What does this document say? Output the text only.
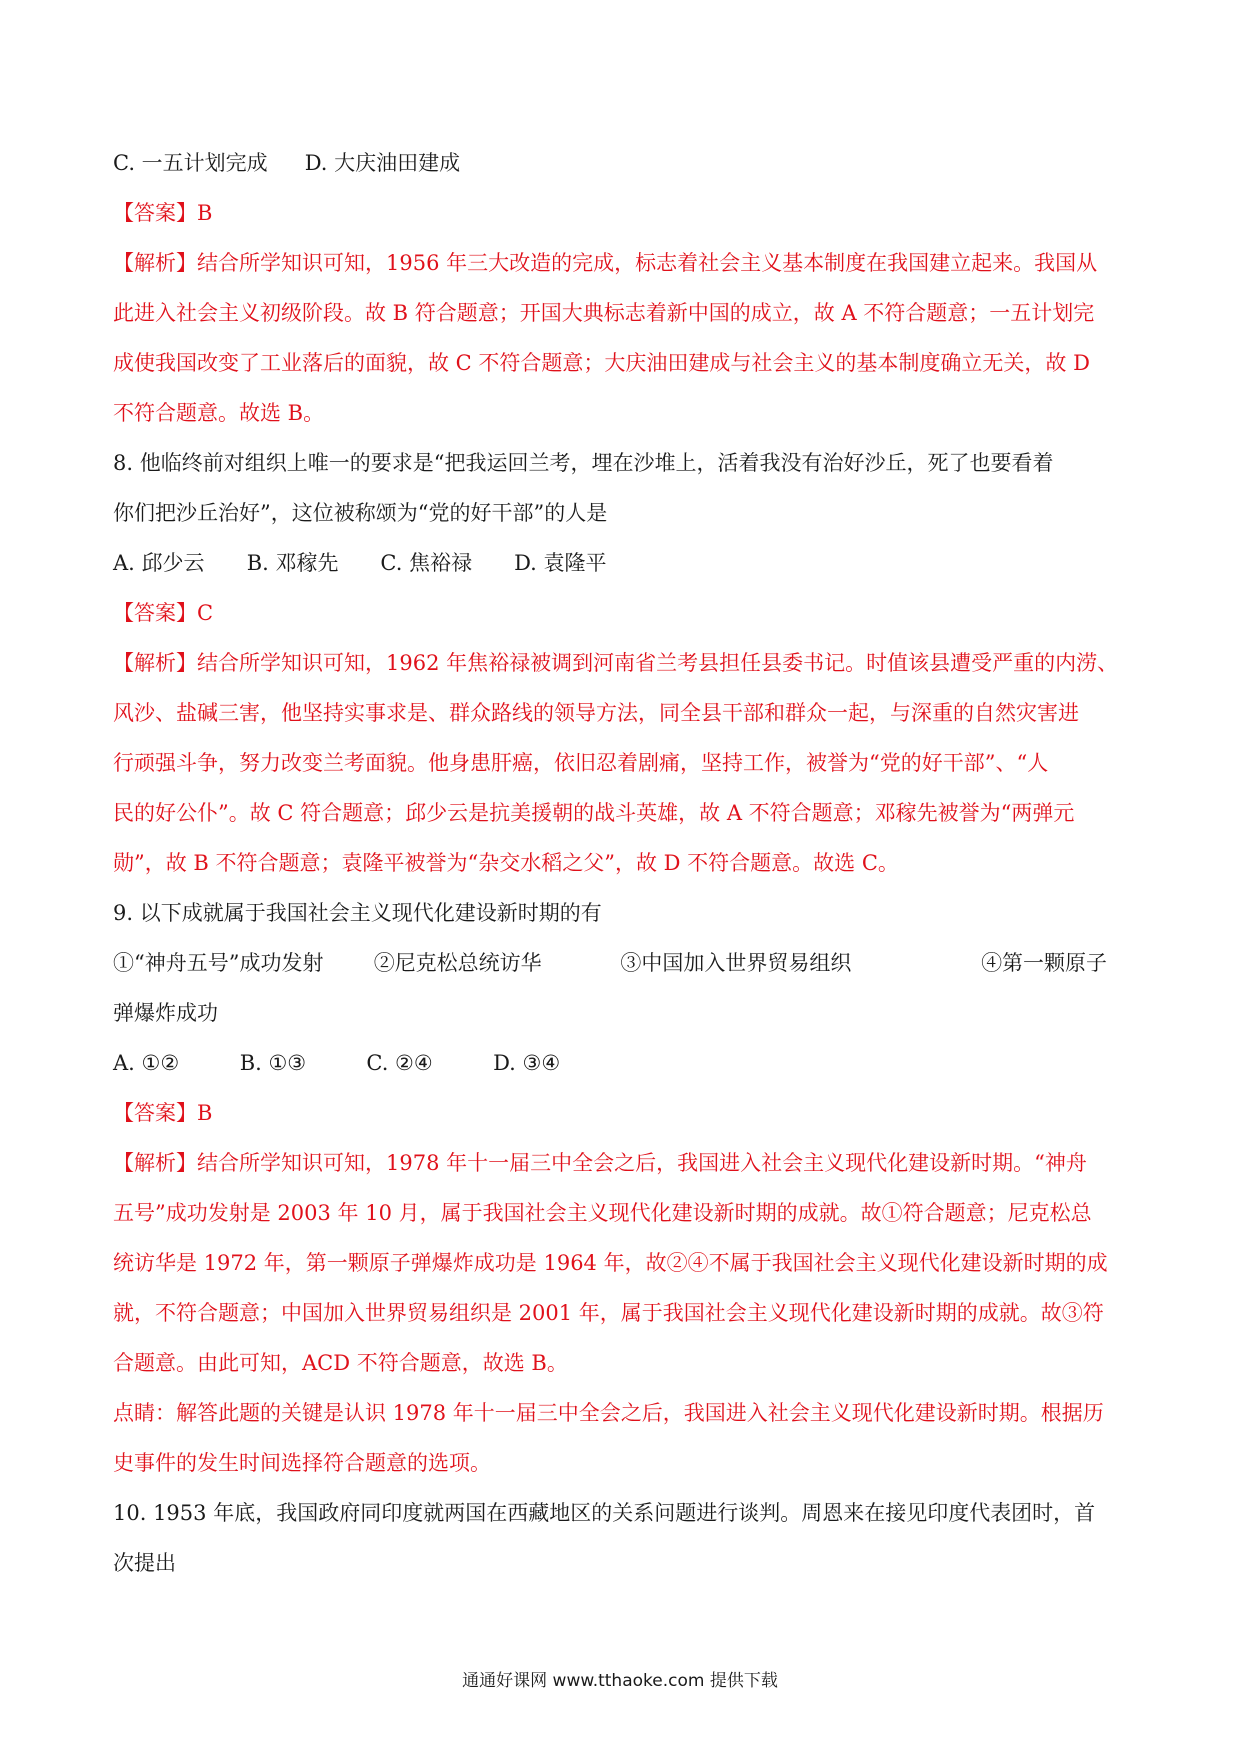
C. 一五计划完成 D. 大庆油田建成

【答案】B

【解析】结合所学知识可知，1956 年三大改造的完成，标志着社会主义基本制度在我国建立起来。我国从

此进入社会主义初级阶段。故 B 符合题意；开国大典标志着新中国的成立，故 A 不符合题意；一五计划完

成使我国改变了工业落后的面貌，故 C 不符合题意；大庆油田建成与社会主义的基本制度确立无关，故 D

不符合题意。故选 B。

8. 他临终前对组织上唯一的要求是“把我运回兰考，埋在沙堆上，活着我没有治好沙丘，死了也要看着

你们把沙丘治好”，这位被称颂为“党的好干部”的人是

A. 邱少云 B. 邓稼先 C. 焦裕禄 D. 袁隆平

【答案】C

【解析】结合所学知识可知，1962 年焦裕禄被调到河南省兰考县担任县委书记。时值该县遭受严重的内涝、

风沙、盐碱三害，他坚持实事求是、群众路线的领导方法，同全县干部和群众一起，与深重的自然灾害进

行顽强斗争，努力改变兰考面貌。他身患肝癌，依旧忍着剧痛，坚持工作，被誉为“党的好干部”、“人

民的好公仆”。故 C 符合题意；邱少云是抗美援朝的战斗英雄，故 A 不符合题意；邓稼先被誉为“两弹元

勋”，故 B 不符合题意；袁隆平被誉为“杂交水稻之父”，故 D 不符合题意。故选 C。

9. 以下成就属于我国社会主义现代化建设新时期的有

①“神舟五号”成功发射 ②尼克松总统访华	③中国加入世界贸易组织	④第一颗原子

弹爆炸成功

A. ①②	B. ①③	C. ②④	D. ③④

【答案】B

【解析】结合所学知识可知，1978 年十一届三中全会之后，我国进入社会主义现代化建设新时期。“神舟

五号”成功发射是 2003 年 10 月，属于我国社会主义现代化建设新时期的成就。故①符合题意；尼克松总

统访华是 1972 年，第一颗原子弹爆炸成功是 1964 年，故②④不属于我国社会主义现代化建设新时期的成

就，不符合题意；中国加入世界贸易组织是 2001 年，属于我国社会主义现代化建设新时期的成就。故③符

合题意。由此可知，ACD 不符合题意，故选 B。

点睛：解答此题的关键是认识 1978 年十一届三中全会之后，我国进入社会主义现代化建设新时期。根据历

史事件的发生时间选择符合题意的选项。

10. 1953 年底，我国政府同印度就两国在西藏地区的关系问题进行谈判。周恩来在接见印度代表团时，首

次提出

通通好课网 www.tthaoke.com 提供下载
